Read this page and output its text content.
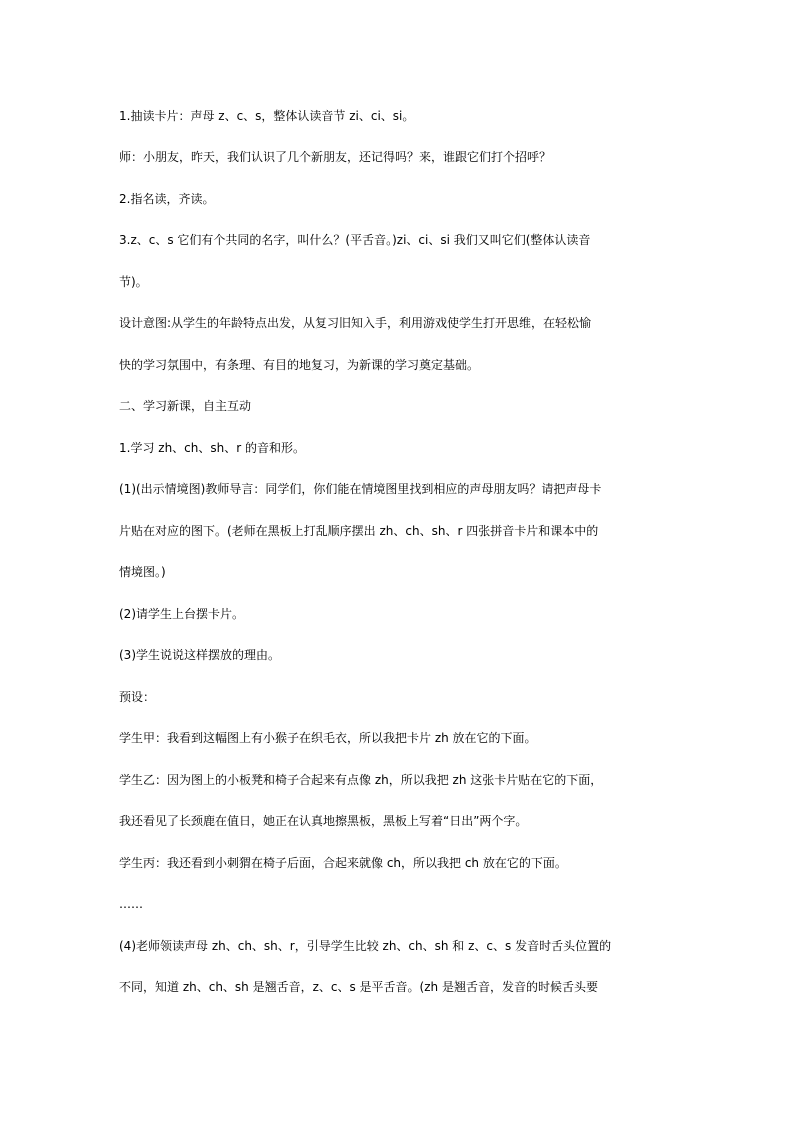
1.抽读卡片：声母 z、c、s，整体认读音节 zi、ci、si。
师：小朋友，昨天，我们认识了几个新朋友，还记得吗？来，谁跟它们打个招呼？
2.指名读，齐读。
3.z、c、s 它们有个共同的名字，叫什么？(平舌音。)zi、ci、si 我们又叫它们(整体认读音
节)。
设计意图:从学生的年龄特点出发，从复习旧知入手，利用游戏使学生打开思维，在轻松愉
快的学习氛围中，有条理、有目的地复习，为新课的学习奠定基础。
二、学习新课，自主互动
1.学习 zh、ch、sh、r 的音和形。
(1)(出示情境图)教师导言：同学们，你们能在情境图里找到相应的声母朋友吗？请把声母卡
片贴在对应的图下。(老师在黑板上打乱顺序摆出 zh、ch、sh、r 四张拼音卡片和课本中的
情境图。)
(2)请学生上台摆卡片。
(3)学生说说这样摆放的理由。
预设：
学生甲：我看到这幅图上有小猴子在织毛衣，所以我把卡片 zh 放在它的下面。
学生乙：因为图上的小板凳和椅子合起来有点像 zh，所以我把 zh 这张卡片贴在它的下面，
我还看见了长颈鹿在值日，她正在认真地擦黑板，黑板上写着“日出”两个字。
学生丙：我还看到小刺猬在椅子后面，合起来就像 ch，所以我把 ch 放在它的下面。
……
(4)老师领读声母 zh、ch、sh、r，引导学生比较 zh、ch、sh 和 z、c、s 发音时舌头位置的
不同，知道 zh、ch、sh 是翘舌音，z、c、s 是平舌音。(zh 是翘舌音，发音的时候舌头要
